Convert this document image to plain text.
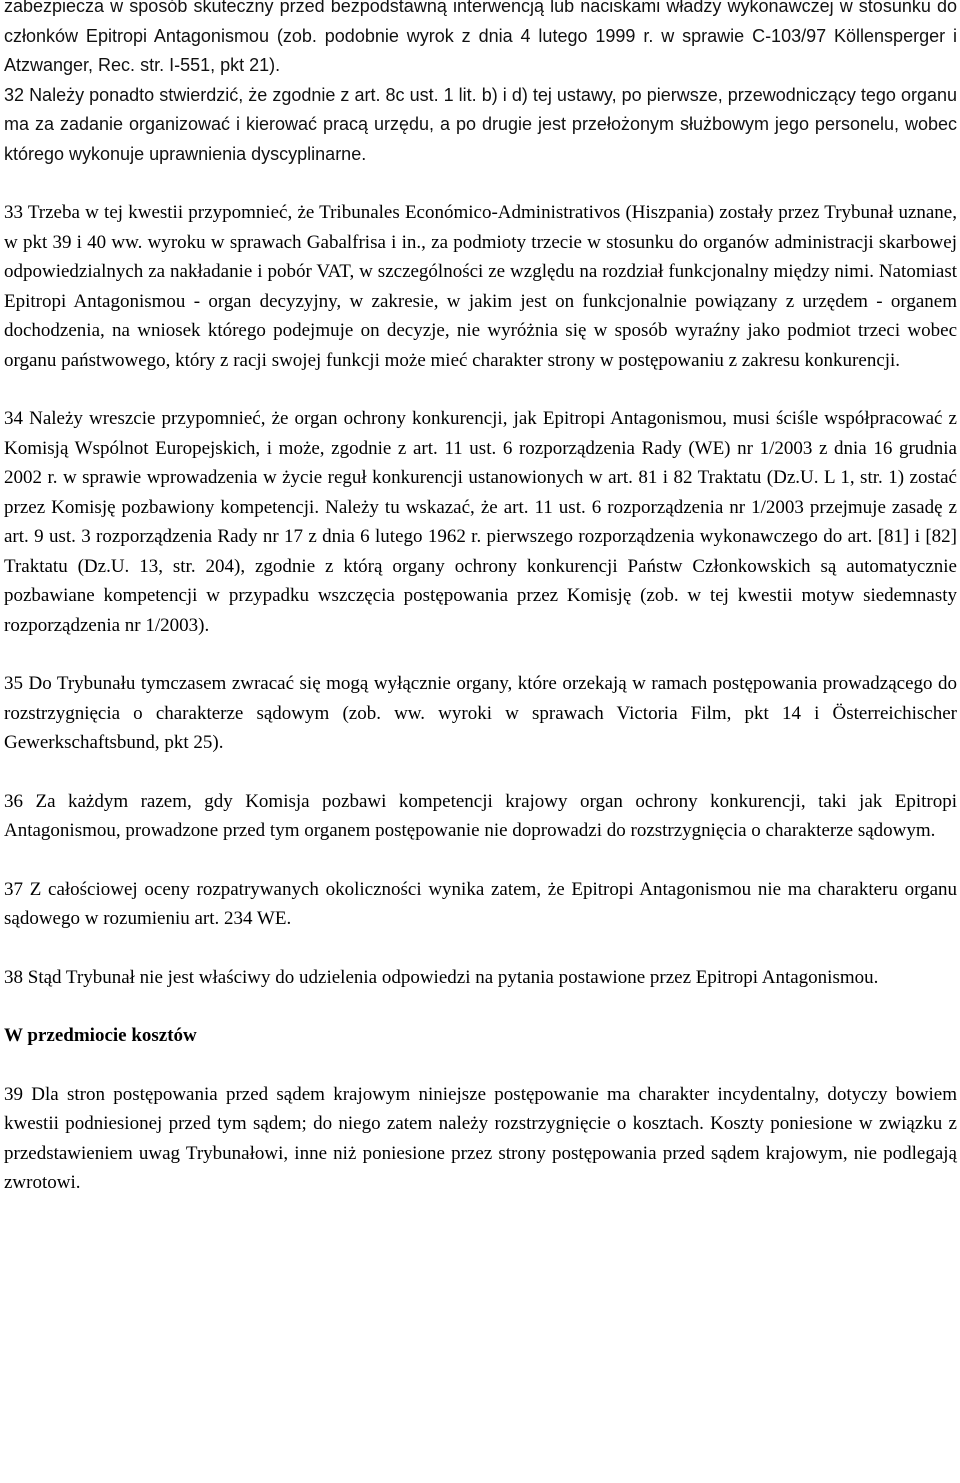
zabezpiecza w sposób skuteczny przed bezpodstawną interwencją lub naciskami władzy wykonawczej w stosunku do członków Epitropi Antagonismou (zob. podobnie wyrok z dnia 4 lutego 1999 r. w sprawie C-103/97 Köllensperger i Atzwanger, Rec. str. I-551, pkt 21).

32 Należy ponadto stwierdzić, że zgodnie z art. 8c ust. 1 lit. b) i d) tej ustawy, po pierwsze, przewodniczący tego organu ma za zadanie organizować i kierować pracą urzędu, a po drugie jest przełożonym służbowym jego personelu, wobec którego wykonuje uprawnienia dyscyplinarne.

33 Trzeba w tej kwestii przypomnieć, że Tribunales Económico-Administrativos (Hiszpania) zostały przez Trybunał uznane, w pkt 39 i 40 ww. wyroku w sprawach Gabalfrisa i in., za podmioty trzecie w stosunku do organów administracji skarbowej odpowiedzialnych za nakładanie i pobór VAT, w szczególności ze względu na rozdział funkcjonalny między nimi. Natomiast Epitropi Antagonismou - organ decyzyjny, w zakresie, w jakim jest on funkcjonalnie powiązany z urzędem - organem dochodzenia, na wniosek którego podejmuje on decyzje, nie wyróżnia się w sposób wyraźny jako podmiot trzeci wobec organu państwowego, który z racji swojej funkcji może mieć charakter strony w postępowaniu z zakresu konkurencji.

34 Należy wreszcie przypomnieć, że organ ochrony konkurencji, jak Epitropi Antagonismou, musi ściśle współpracować z Komisją Wspólnot Europejskich, i może, zgodnie z art. 11 ust. 6 rozporządzenia Rady (WE) nr 1/2003 z dnia 16 grudnia 2002 r. w sprawie wprowadzenia w życie reguł konkurencji ustanowionych w art. 81 i 82 Traktatu (Dz.U. L 1, str. 1) zostać przez Komisję pozbawiony kompetencji. Należy tu wskazać, że art. 11 ust. 6 rozporządzenia nr 1/2003 przejmuje zasadę z art. 9 ust. 3 rozporządzenia Rady nr 17 z dnia 6 lutego 1962 r. pierwszego rozporządzenia wykonawczego do art. [81] i [82] Traktatu (Dz.U. 13, str. 204), zgodnie z którą organy ochrony konkurencji Państw Członkowskich są automatycznie pozbawiane kompetencji w przypadku wszczęcia postępowania przez Komisję (zob. w tej kwestii motyw siedemnasty rozporządzenia nr 1/2003).

35 Do Trybunału tymczasem zwracać się mogą wyłącznie organy, które orzekają w ramach postępowania prowadzącego do rozstrzygnięcia o charakterze sądowym (zob. ww. wyroki w sprawach Victoria Film, pkt 14 i Österreichischer Gewerkschaftsbund, pkt 25).

36 Za każdym razem, gdy Komisja pozbawi kompetencji krajowy organ ochrony konkurencji, taki jak Epitropi Antagonismou, prowadzone przed tym organem postępowanie nie doprowadzi do rozstrzygnięcia o charakterze sądowym.

37 Z całościowej oceny rozpatrywanych okoliczności wynika zatem, że Epitropi Antagonismou nie ma charakteru organu sądowego w rozumieniu art. 234 WE.

38 Stąd Trybunał nie jest właściwy do udzielenia odpowiedzi na pytania postawione przez Epitropi Antagonismou.

W przedmiocie kosztów

39 Dla stron postępowania przed sądem krajowym niniejsze postępowanie ma charakter incydentalny, dotyczy bowiem kwestii podniesionej przed tym sądem; do niego zatem należy rozstrzygnięcie o kosztach. Koszty poniesione w związku z przedstawieniem uwag Trybunałowi, inne niż poniesione przez strony postępowania przed sądem krajowym, nie podlegają zwrotowi.
